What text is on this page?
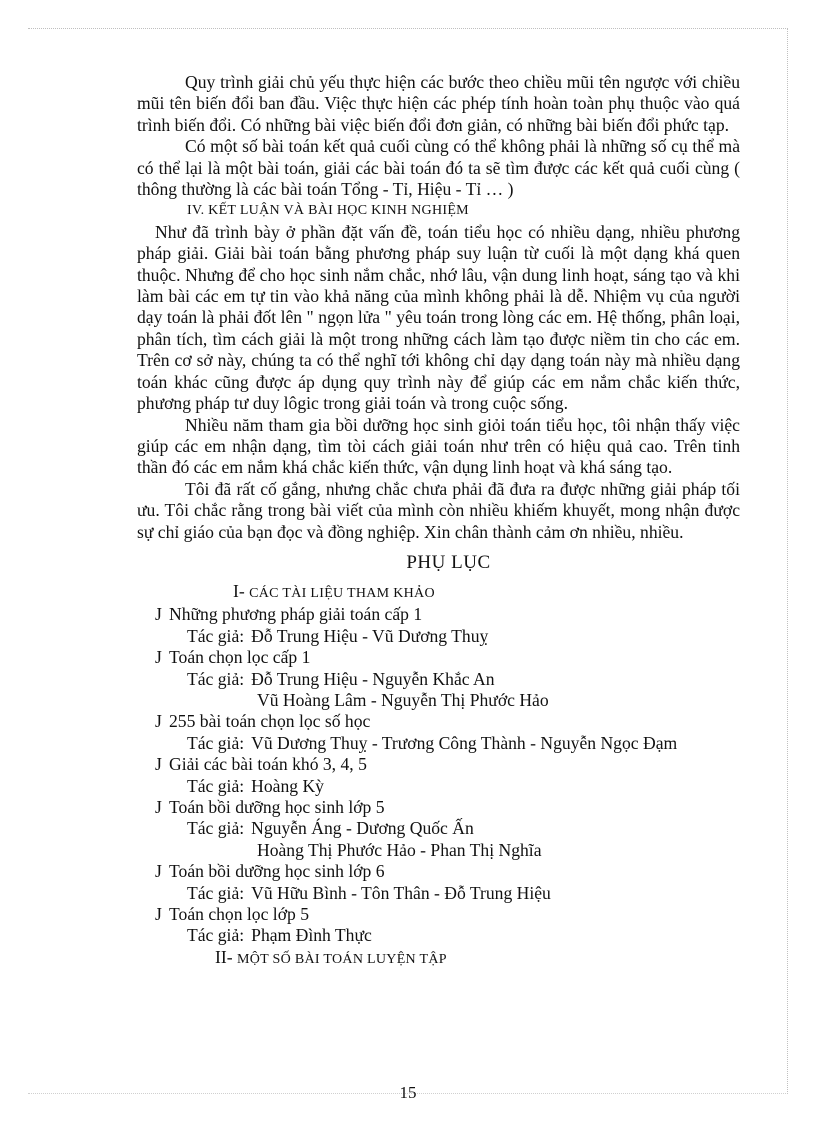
Quy trình giải chủ yếu thực hiện các bước theo chiều mũi tên ngược với chiều mũi tên biến đổi ban đầu. Việc thực hiện các phép tính hoàn toàn phụ thuộc vào quá trình biến đổi. Có những bài việc biến đổi đơn giản, có những bài biến đổi phức tạp.

Có một số bài toán kết quả cuối cùng có thể không phải là những số cụ thể mà có thể lại là một bài toán, giải các bài toán đó ta sẽ tìm được các kết quả cuối cùng ( thông thường là các bài toán Tổng - Tỉ, Hiệu - Tỉ … )

IV. KẾT LUẬN VÀ BÀI HỌC KINH NGHIỆM

Như đã trình bày ở phần đặt vấn đề, toán tiểu học có nhiều dạng, nhiều phương pháp giải. Giải bài toán bằng phương pháp suy luận từ cuối là một dạng khá quen thuộc. Nhưng để cho học sinh nắm chắc, nhớ lâu, vận dung linh hoạt, sáng tạo và khi làm bài các em tự tin vào khả năng của mình không phải là dễ. Nhiệm vụ của người dạy toán là phải đốt lên " ngọn lửa " yêu toán trong lòng các em. Hệ thống, phân loại, phân tích, tìm cách giải là một trong những cách làm tạo được niềm tin cho các em. Trên cơ sở này, chúng ta có thể nghĩ tới không chỉ dạy dạng toán này mà nhiều dạng toán khác cũng được áp dụng quy trình này để giúp các em nắm chắc kiến thức, phương pháp tư duy lôgic trong giải toán và trong cuộc sống.

Nhiều năm tham gia bồi dưỡng học sinh giỏi toán tiểu học, tôi nhận thấy việc giúp các em nhận dạng, tìm tòi cách giải toán như trên có hiệu quả cao. Trên tinh thần đó các em nắm khá chắc kiến thức, vận dụng linh hoạt và khá sáng tạo.

Tôi đã rất cố gắng, nhưng chắc chưa phải đã đưa ra được những giải pháp tối ưu. Tôi chắc rằng trong bài viết của mình còn nhiều khiếm khuyết, mong nhận được sự chỉ giáo của bạn đọc và đồng nghiệp. Xin chân thành cảm ơn nhiều, nhiều.

PHỤ LỤC

I- CÁC TÀI LIỆU THAM KHẢO

J Những phương pháp giải toán cấp 1

Tác giả: Đỗ Trung Hiệu - Vũ Dương Thuỵ

J Toán chọn lọc cấp 1

Tác giả: Đỗ Trung Hiệu - Nguyễn Khắc An

Vũ Hoàng Lâm - Nguyễn Thị Phước Hảo

J 255 bài toán chọn lọc số học

Tác giả: Vũ Dương Thuỵ - Trương Công Thành - Nguyễn Ngọc Đạm

J Giải các bài toán khó 3, 4, 5

Tác giả: Hoàng Kỳ

J Toán bồi dưỡng học sinh lớp 5

Tác giả: Nguyễn Áng - Dương Quốc Ấn

Hoàng Thị Phước Hảo - Phan Thị Nghĩa

J Toán bồi dưỡng học sinh lớp 6

Tác giả: Vũ Hữu Bình - Tôn Thân - Đỗ Trung Hiệu

J Toán chọn lọc lớp 5

Tác giả: Phạm Đình Thực

II- MỘT SỐ BÀI TOÁN LUYỆN TẬP

15
